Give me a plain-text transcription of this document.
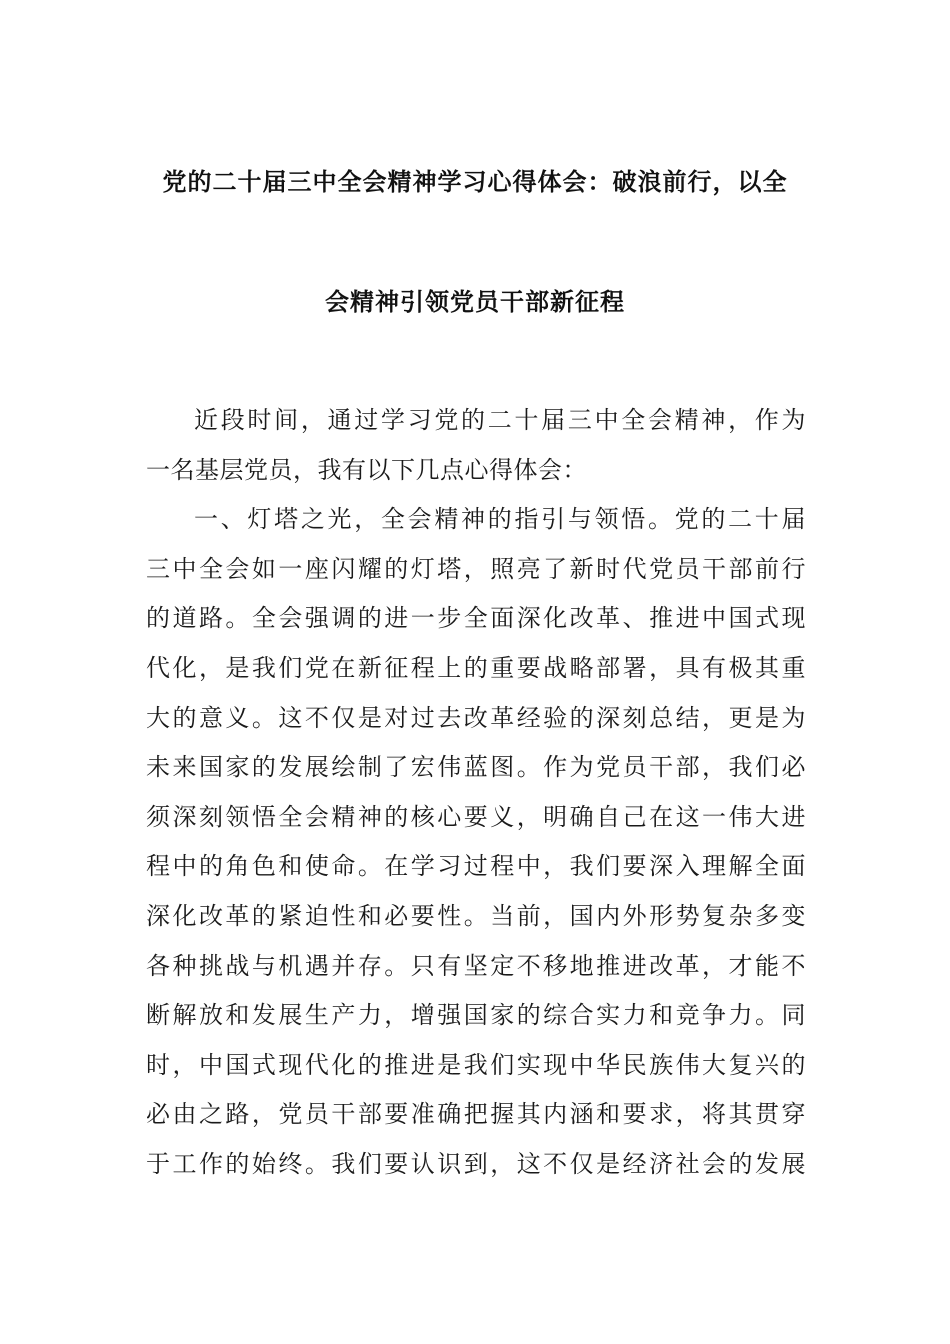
党的二十届三中全会精神学习心得体会：破浪前行，以全
会精神引领党员干部新征程
近段时间，通过学习党的二十届三中全会精神，作为
一名基层党员，我有以下几点心得体会：
一、灯塔之光，全会精神的指引与领悟。党的二十届
三中全会如一座闪耀的灯塔，照亮了新时代党员干部前行
的道路。全会强调的进一步全面深化改革、推进中国式现
代化，是我们党在新征程上的重要战略部署，具有极其重
大的意义。这不仅是对过去改革经验的深刻总结，更是为
未来国家的发展绘制了宏伟蓝图。作为党员干部，我们必
须深刻领悟全会精神的核心要义，明确自己在这一伟大进
程中的角色和使命。在学习过程中，我们要深入理解全面
深化改革的紧迫性和必要性。当前，国内外形势复杂多变
各种挑战与机遇并存。只有坚定不移地推进改革，才能不
断解放和发展生产力，增强国家的综合实力和竞争力。同
时，中国式现代化的推进是我们实现中华民族伟大复兴的
必由之路，党员干部要准确把握其内涵和要求，将其贯穿
于工作的始终。我们要认识到，这不仅是经济社会的发展
